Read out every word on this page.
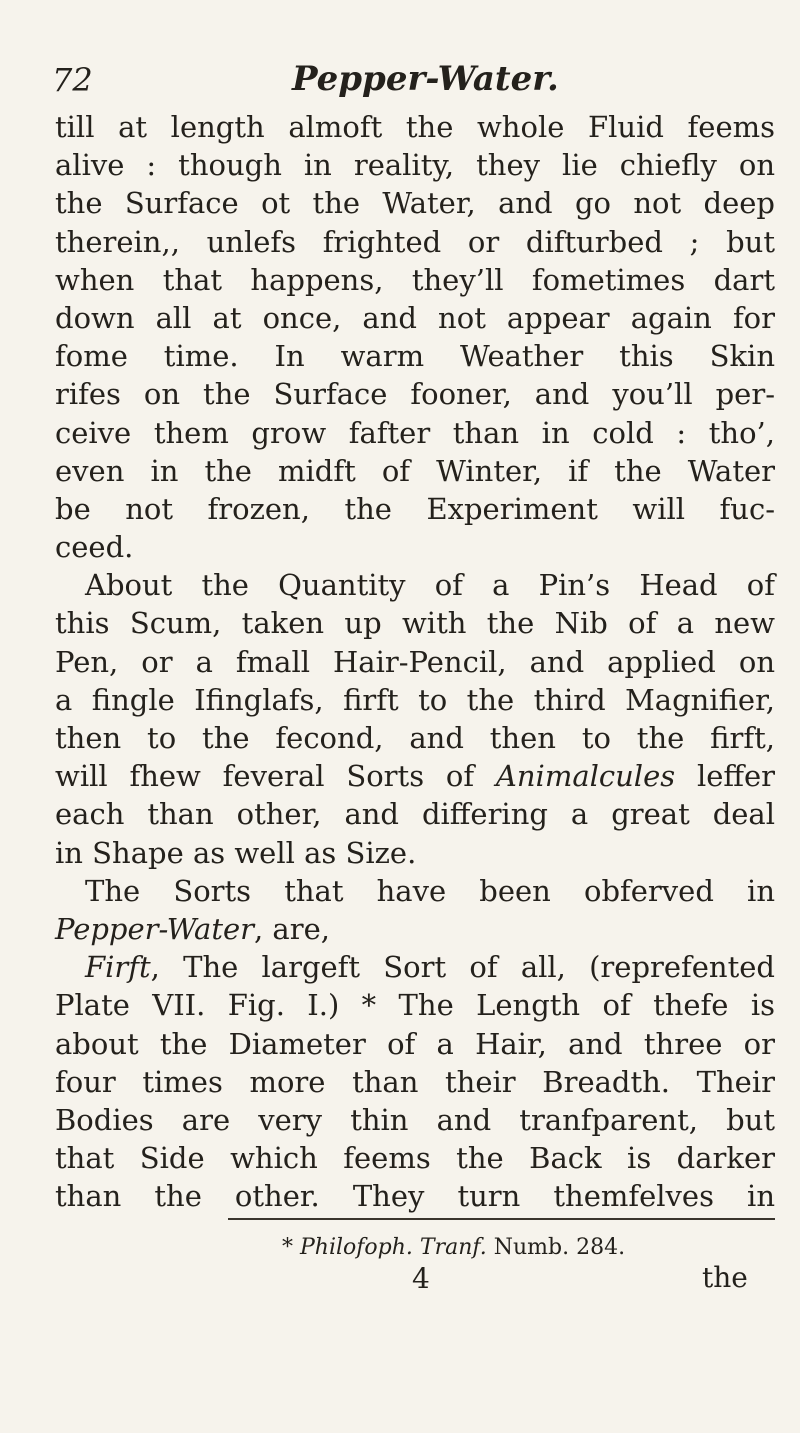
72	Pepper-Water.
till at length almoft the whole Fluid feems
alive : though in reality, they lie chiefly on
the Surface ot the Water, and go not deep
therein,, unlefs frighted or difturbed ; but
when that happens, they’ll fometimes dart
down all at once, and not appear again for
fome time. In warm Weather this Skin
rifes on the Surface fooner, and you’ll per-
ceive them grow fafter than in cold : tho’,
even in the midft of Winter, if the Water
be not frozen, the Experiment will fuc-
ceed.
About the Quantity of a Pin’s Head of
this Scum, taken up with the Nib of a new
Pen, or a fmall Hair-Pencil, and applied on
a fingle Ifinglafs, firft to the third Magnifier,
then to the fecond, and then to the firft,
will fhew feveral Sorts of Animalcules leffer
each than other, and differing a great deal
in Shape as well as Size.
The Sorts that have been obferved in
Pepper-Water, are,
Firft, The largeft Sort of all, (reprefented
Plate VII. Fig. I.) * The Length of thefe is
about the Diameter of a Hair, and three or
four times more than their Breadth. Their
Bodies are very thin and tranfparent, but
that Side which feems the Back is darker
than the other. They turn themfelves in
* Philofoph. Tranf. Numb. 284.
4	the
